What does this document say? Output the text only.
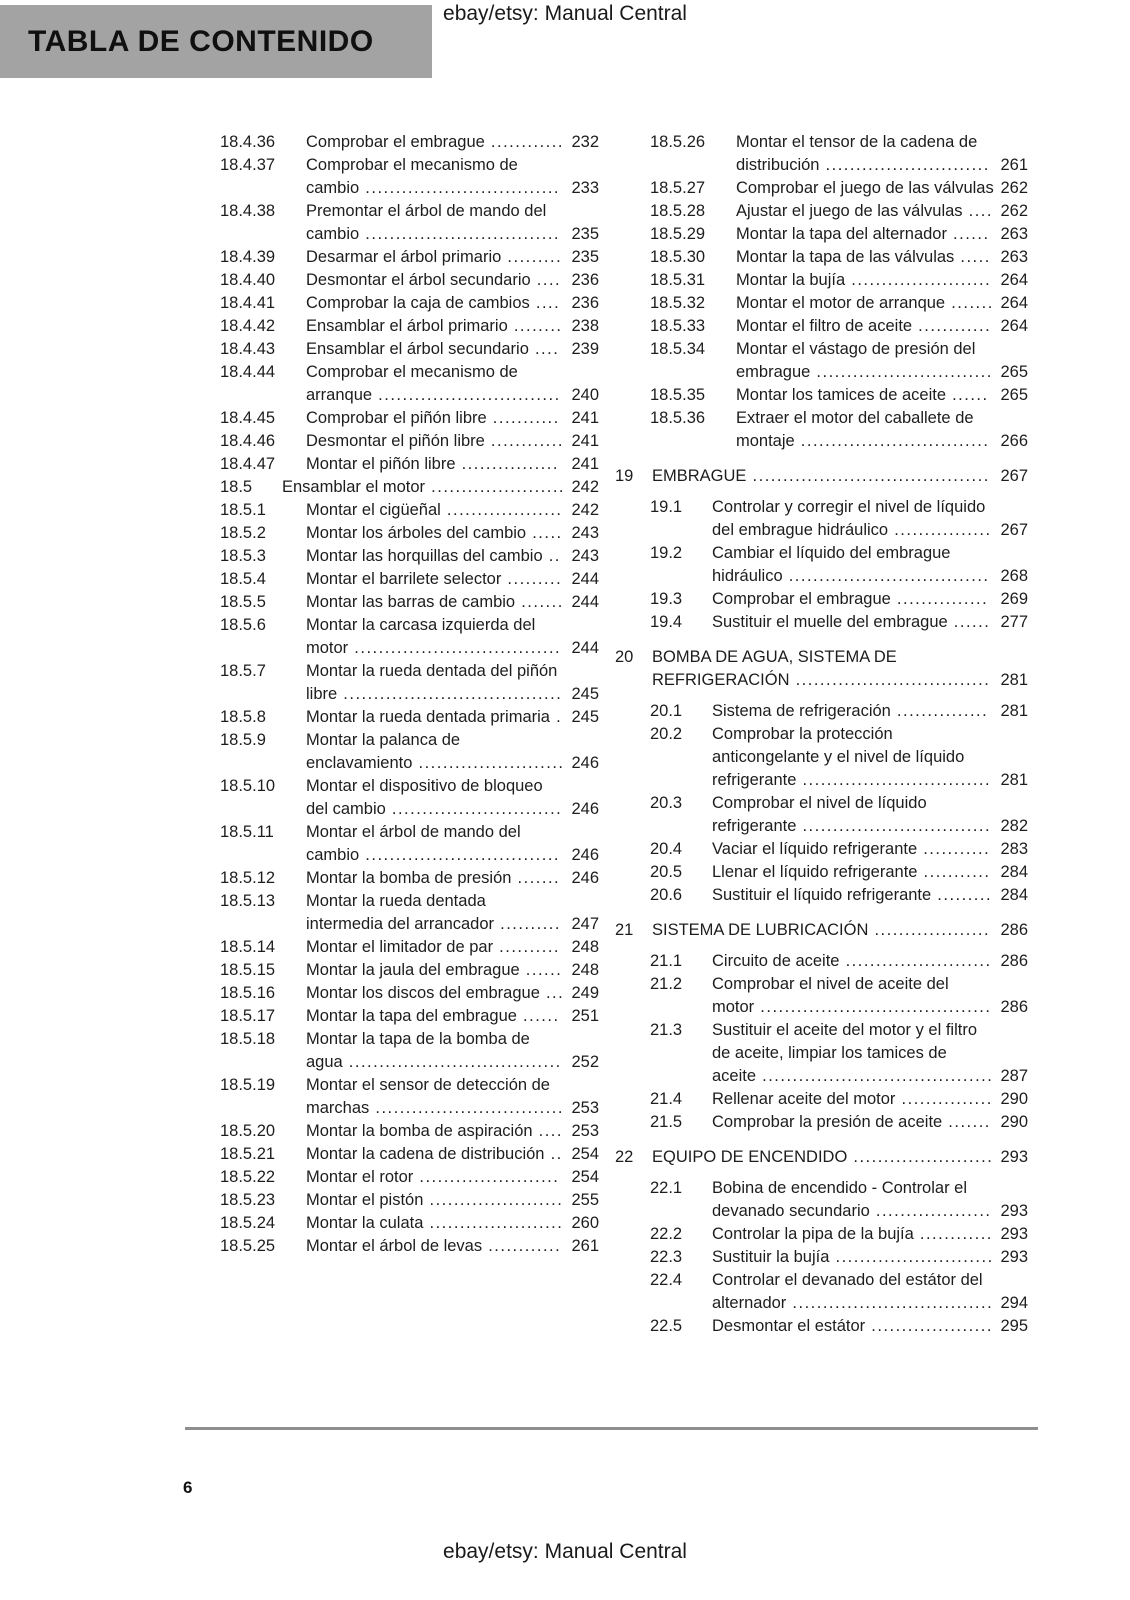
ebay/etsy: Manual Central
TABLA DE CONTENIDO
18.4.36	Comprobar el embrague ............ 232
18.4.37	Comprobar el mecanismo de cambio ................................ 233
18.4.38	Premontar el árbol de mando del cambio ................................ 235
18.4.39	Desarmar el árbol primario ......... 235
18.4.40	Desmontar el árbol secundario .... 236
18.4.41	Comprobar la caja de cambios .... 236
18.4.42	Ensamblar el árbol primario ........ 238
18.4.43	Ensamblar el árbol secundario .... 239
18.4.44	Comprobar el mecanismo de arranque .............................. 240
18.4.45	Comprobar el piñón libre ........... 241
18.4.46	Desmontar el piñón libre ............ 241
18.4.47	Montar el piñón libre ................ 241
18.5	Ensamblar el motor ...................... 242
18.5.1	Montar el cigüeñal ................... 242
18.5.2	Montar los árboles del cambio ..... 243
18.5.3	Montar las horquillas del cambio .. 243
18.5.4	Montar el barrilete selector ......... 244
18.5.5	Montar las barras de cambio ....... 244
18.5.6	Montar la carcasa izquierda del motor .................................. 244
18.5.7	Montar la rueda dentada del piñón libre .................................... 245
18.5.8	Montar la rueda dentada primaria . 245
18.5.9	Montar la palanca de enclavamiento ........................ 246
18.5.10	Montar el dispositivo de bloqueo del cambio ............................ 246
18.5.11	Montar el árbol de mando del cambio ................................ 246
18.5.12	Montar la bomba de presión ....... 246
18.5.13	Montar la rueda dentada intermedia del arrancador .......... 247
18.5.14	Montar el limitador de par .......... 248
18.5.15	Montar la jaula del embrague ...... 248
18.5.16	Montar los discos del embrague ... 249
18.5.17	Montar la tapa del embrague ...... 251
18.5.18	Montar la tapa de la bomba de agua ................................... 252
18.5.19	Montar el sensor de detección de marchas ............................... 253
18.5.20	Montar la bomba de aspiración .... 253
18.5.21	Montar la cadena de distribución .. 254
18.5.22	Montar el rotor ....................... 254
18.5.23	Montar el pistón ...................... 255
18.5.24	Montar la culata ...................... 260
18.5.25	Montar el árbol de levas ............ 261
18.5.26	Montar el tensor de la cadena de distribución ........................... 261
18.5.27	Comprobar el juego de las válvulas 262
18.5.28	Ajustar el juego de las válvulas .... 262
18.5.29	Montar la tapa del alternador ...... 263
18.5.30	Montar la tapa de las válvulas ..... 263
18.5.31	Montar la bujía ....................... 264
18.5.32	Montar el motor de arranque ....... 264
18.5.33	Montar el filtro de aceite ............ 264
18.5.34	Montar el vástago de presión del embrague ............................. 265
18.5.35	Montar los tamices de aceite ...... 265
18.5.36	Extraer el motor del caballete de montaje ............................... 266
19	EMBRAGUE ....................................... 267
19.1	Controlar y corregir el nivel de líquido del embrague hidráulico ................ 267
19.2	Cambiar el líquido del embrague hidráulico ................................. 268
19.3	Comprobar el embrague ............... 269
19.4	Sustituir el muelle del embrague ...... 277
20	BOMBA DE AGUA, SISTEMA DE REFRIGERACIÓN ................................ 281
20.1	Sistema de refrigeración ............... 281
20.2	Comprobar la protección anticongelante y el nivel de líquido refrigerante ............................... 281
20.3	Comprobar el nivel de líquido refrigerante ............................... 282
20.4	Vaciar el líquido refrigerante ........... 283
20.5	Llenar el líquido refrigerante ........... 284
20.6	Sustituir el líquido refrigerante ......... 284
21	SISTEMA DE LUBRICACIÓN ................... 286
21.1	Circuito de aceite ........................ 286
21.2	Comprobar el nivel de aceite del motor ...................................... 286
21.3	Sustituir el aceite del motor y el filtro de aceite, limpiar los tamices de aceite ...................................... 287
21.4	Rellenar aceite del motor ............... 290
21.5	Comprobar la presión de aceite ....... 290
22	EQUIPO DE ENCENDIDO ....................... 293
22.1	Bobina de encendido - Controlar el devanado secundario ................... 293
22.2	Controlar la pipa de la bujía ............ 293
22.3	Sustituir la bujía .......................... 293
22.4	Controlar el devanado del estátor del alternador ................................. 294
22.5	Desmontar el estátor .................... 295
6
ebay/etsy: Manual Central
